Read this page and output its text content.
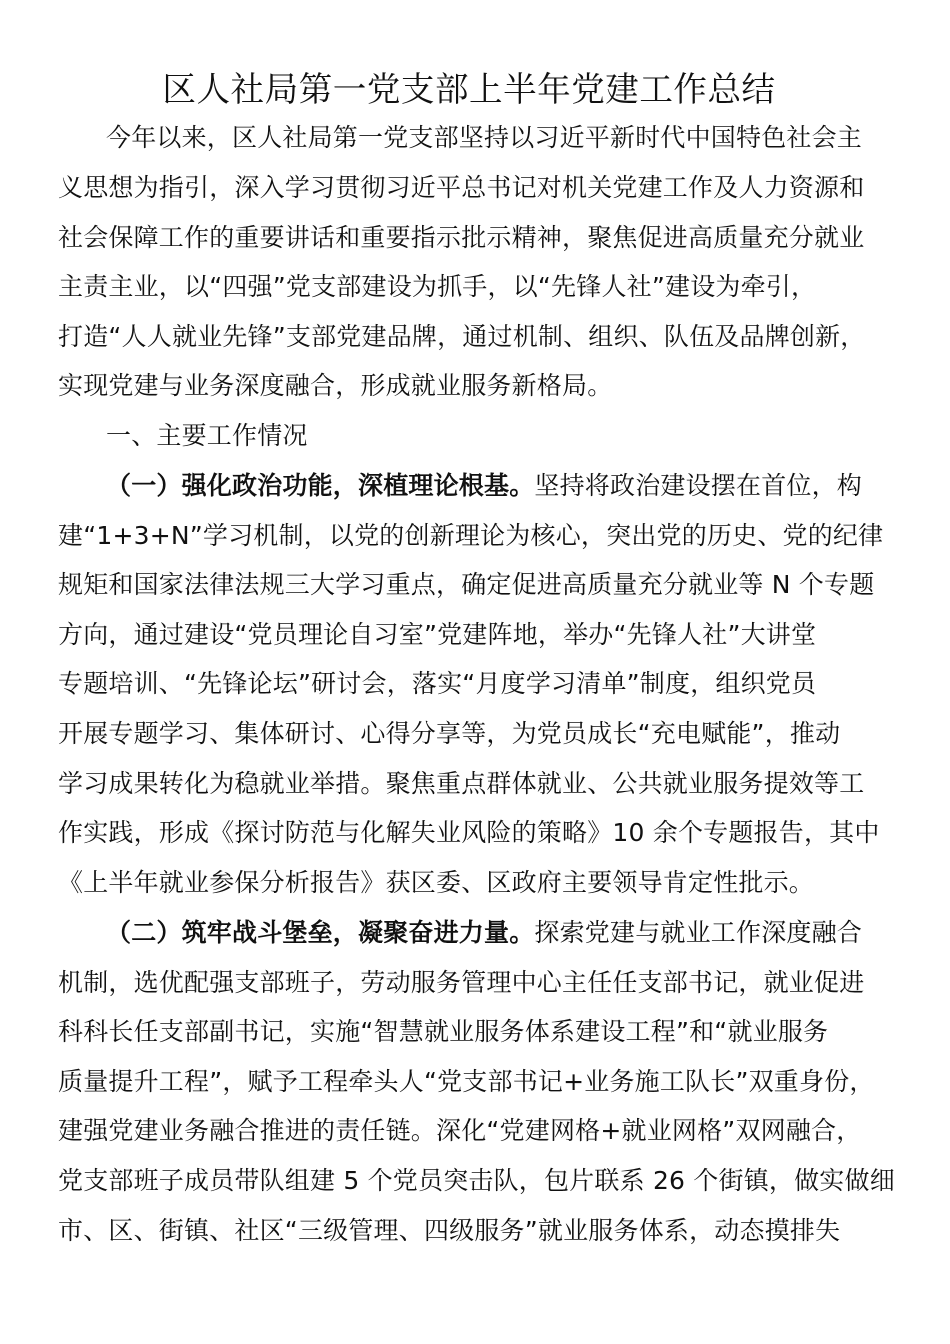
区人社局第一党支部上半年党建工作总结
今年以来，区人社局第一党支部坚持以习近平新时代中国特色社会主
义思想为指引，深入学习贯彻习近平总书记对机关党建工作及人力资源和
社会保障工作的重要讲话和重要指示批示精神，聚焦促进高质量充分就业
主责主业，以“四强”党支部建设为抓手，以“先锋人社”建设为牵引，
打造“人人就业先锋”支部党建品牌，通过机制、组织、队伍及品牌创新，
实现党建与业务深度融合，形成就业服务新格局。
一、主要工作情况
（一）强化政治功能，深植理论根基。坚持将政治建设摆在首位，构
建“1+3+N”学习机制，以党的创新理论为核心，突出党的历史、党的纪律
规矩和国家法律法规三大学习重点，确定促进高质量充分就业等 N 个专题
方向，通过建设“党员理论自习室”党建阵地，举办“先锋人社”大讲堂
专题培训、“先锋论坛”研讨会，落实“月度学习清单”制度，组织党员
开展专题学习、集体研讨、心得分享等，为党员成长“充电赋能”，推动
学习成果转化为稳就业举措。聚焦重点群体就业、公共就业服务提效等工
作实践，形成《探讨防范与化解失业风险的策略》10 余个专题报告，其中
《上半年就业参保分析报告》获区委、区政府主要领导肯定性批示。
（二）筑牢战斗堡垒，凝聚奋进力量。探索党建与就业工作深度融合
机制，选优配强支部班子，劳动服务管理中心主任任支部书记，就业促进
科科长任支部副书记，实施“智慧就业服务体系建设工程”和“就业服务
质量提升工程”，赋予工程牵头人“党支部书记+业务施工队长”双重身份，
建强党建业务融合推进的责任链。深化“党建网格+就业网格”双网融合，
党支部班子成员带队组建 5 个党员突击队，包片联系 26 个街镇，做实做细
市、区、街镇、社区“三级管理、四级服务”就业服务体系，动态摸排失
